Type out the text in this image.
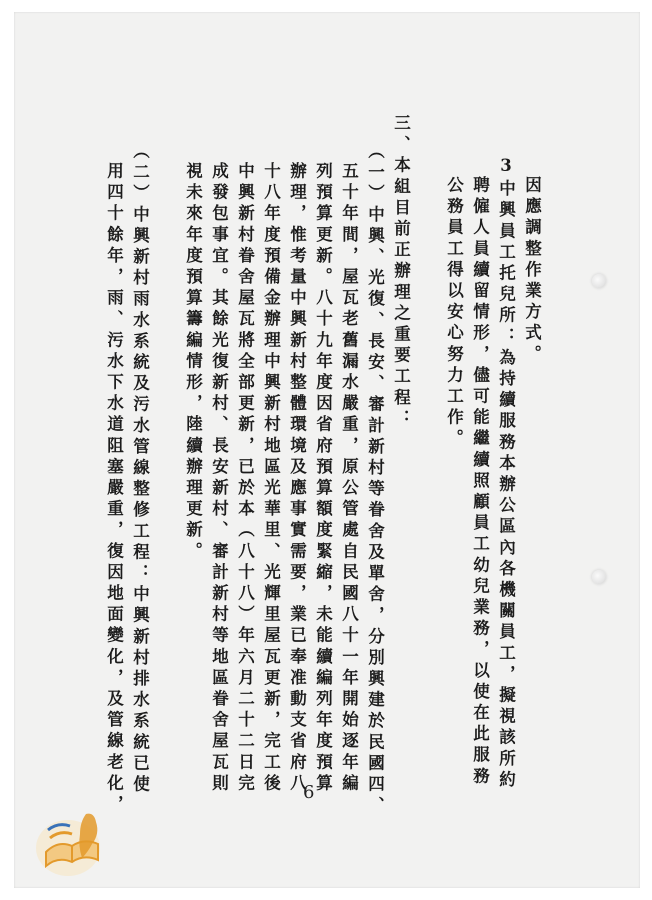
因應調整作業方式。
3中興員工托兒所：為持續服務本辦公區內各機關員工，擬視該所約
聘僱人員續留情形，儘可能繼續照顧員工幼兒業務，以使在此服務
公務員工得以安心努力工作。
三、本組目前正辦理之重要工程：
（一）中興、光復、長安、審計新村等眷舍及單舍，分別興建於民國四、
五十年間，屋瓦老舊漏水嚴重，原公管處自民國八十一年開始逐年編
列預算更新。八十九年度因省府預算額度緊縮，未能續編列年度預算
辦理，惟考量中興新村整體環境及應事實需要，業已奉准動支省府八
十八年度預備金辦理中興新村地區光華里、光輝里屋瓦更新，完工後
中興新村眷舍屋瓦將全部更新，已於本（八十八）年六月二十二日完
成發包事宜。其餘光復新村、長安新村、審計新村等地區眷舍屋瓦則
視未來年度預算籌編情形，陸續辦理更新。
（二）中興新村雨水系統及污水管線整修工程：中興新村排水系統已使
用四十餘年，雨、污水下水道阻塞嚴重，復因地面變化，及管線老化，	6
